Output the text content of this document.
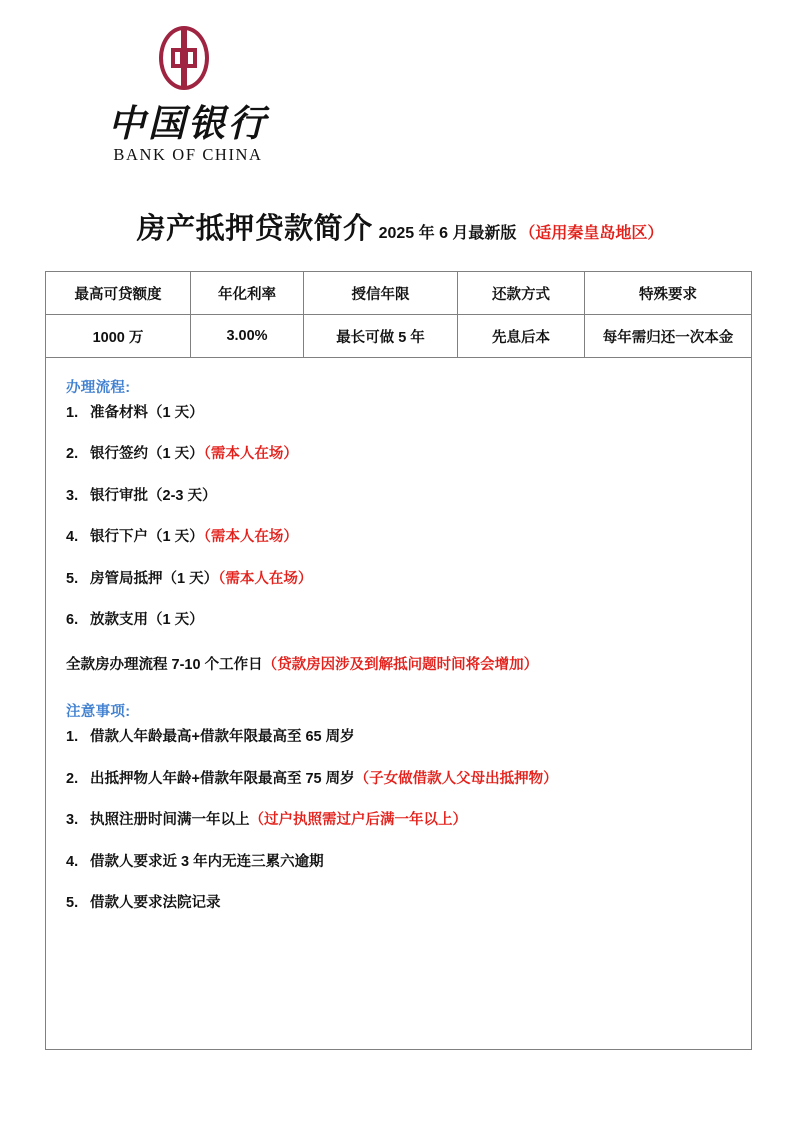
中国银行
BANK OF CHINA
房产抵押贷款简介 2025 年 6 月最新版 （适用秦皇岛地区）
最高可贷额度	年化利率	授信年限	还款方式	特殊要求
1000 万	3.00%	最长可做 5 年	先息后本	每年需归还一次本金
办理流程:
1. 准备材料（1 天）
2. 银行签约（1 天）（需本人在场）
3. 银行审批（2-3 天）
4. 银行下户（1 天）（需本人在场）
5. 房管局抵押（1 天）（需本人在场）
6. 放款支用（1 天）
全款房办理流程 7-10 个工作日（贷款房因涉及到解抵问题时间将会增加）
注意事项:
1. 借款人年龄最高+借款年限最高至 65 周岁
2. 出抵押物人年龄+借款年限最高至 75 周岁（子女做借款人父母出抵押物）
3. 执照注册时间满一年以上（过户执照需过户后满一年以上）
4. 借款人要求近 3 年内无连三累六逾期
5. 借款人要求法院记录
